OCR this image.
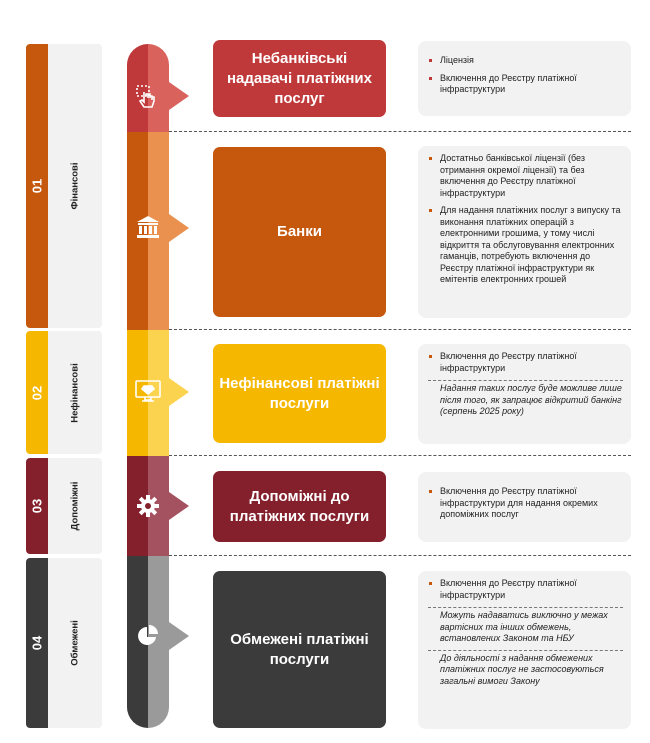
01	Фінансові
02	Нефінансові
03	Допоміжні
04	Обмежені
Небанківські надавачі платіжних послуг
Банки
Нефінансові платіжні послуги
Допоміжні до платіжних послуги
Обмежені платіжні послуги
Ліцензія
Включення до Реєстру платіжної інфраструктури
Достатньо банківської ліцензії (без отримання окремої ліцензії) та без включення до Реєстру платіжної інфраструктури
Для надання платіжних послуг з випуску та виконання платіжних операцій з електронними грошима, у тому числі відкриття та обслуговування електронних гаманців, потребують включення до Реєстру платіжної інфраструктури як емітентів електронних грошей
Включення до Реєстру платіжної інфраструктури
Надання таких послуг буде можливе лише після того, як запрацює відкритий банкінг (серпень 2025 року)
Включення до Реєстру платіжної інфраструктури для надання окремих допоміжних послуг
Включення до Реєстру платіжної інфраструктури
Можуть надаватись виключно у межах вартісних та інших обмежень, встановлених Законом та НБУ
До діяльності з надання обмежених платіжних послуг не застосовуються загальні вимоги Закону
